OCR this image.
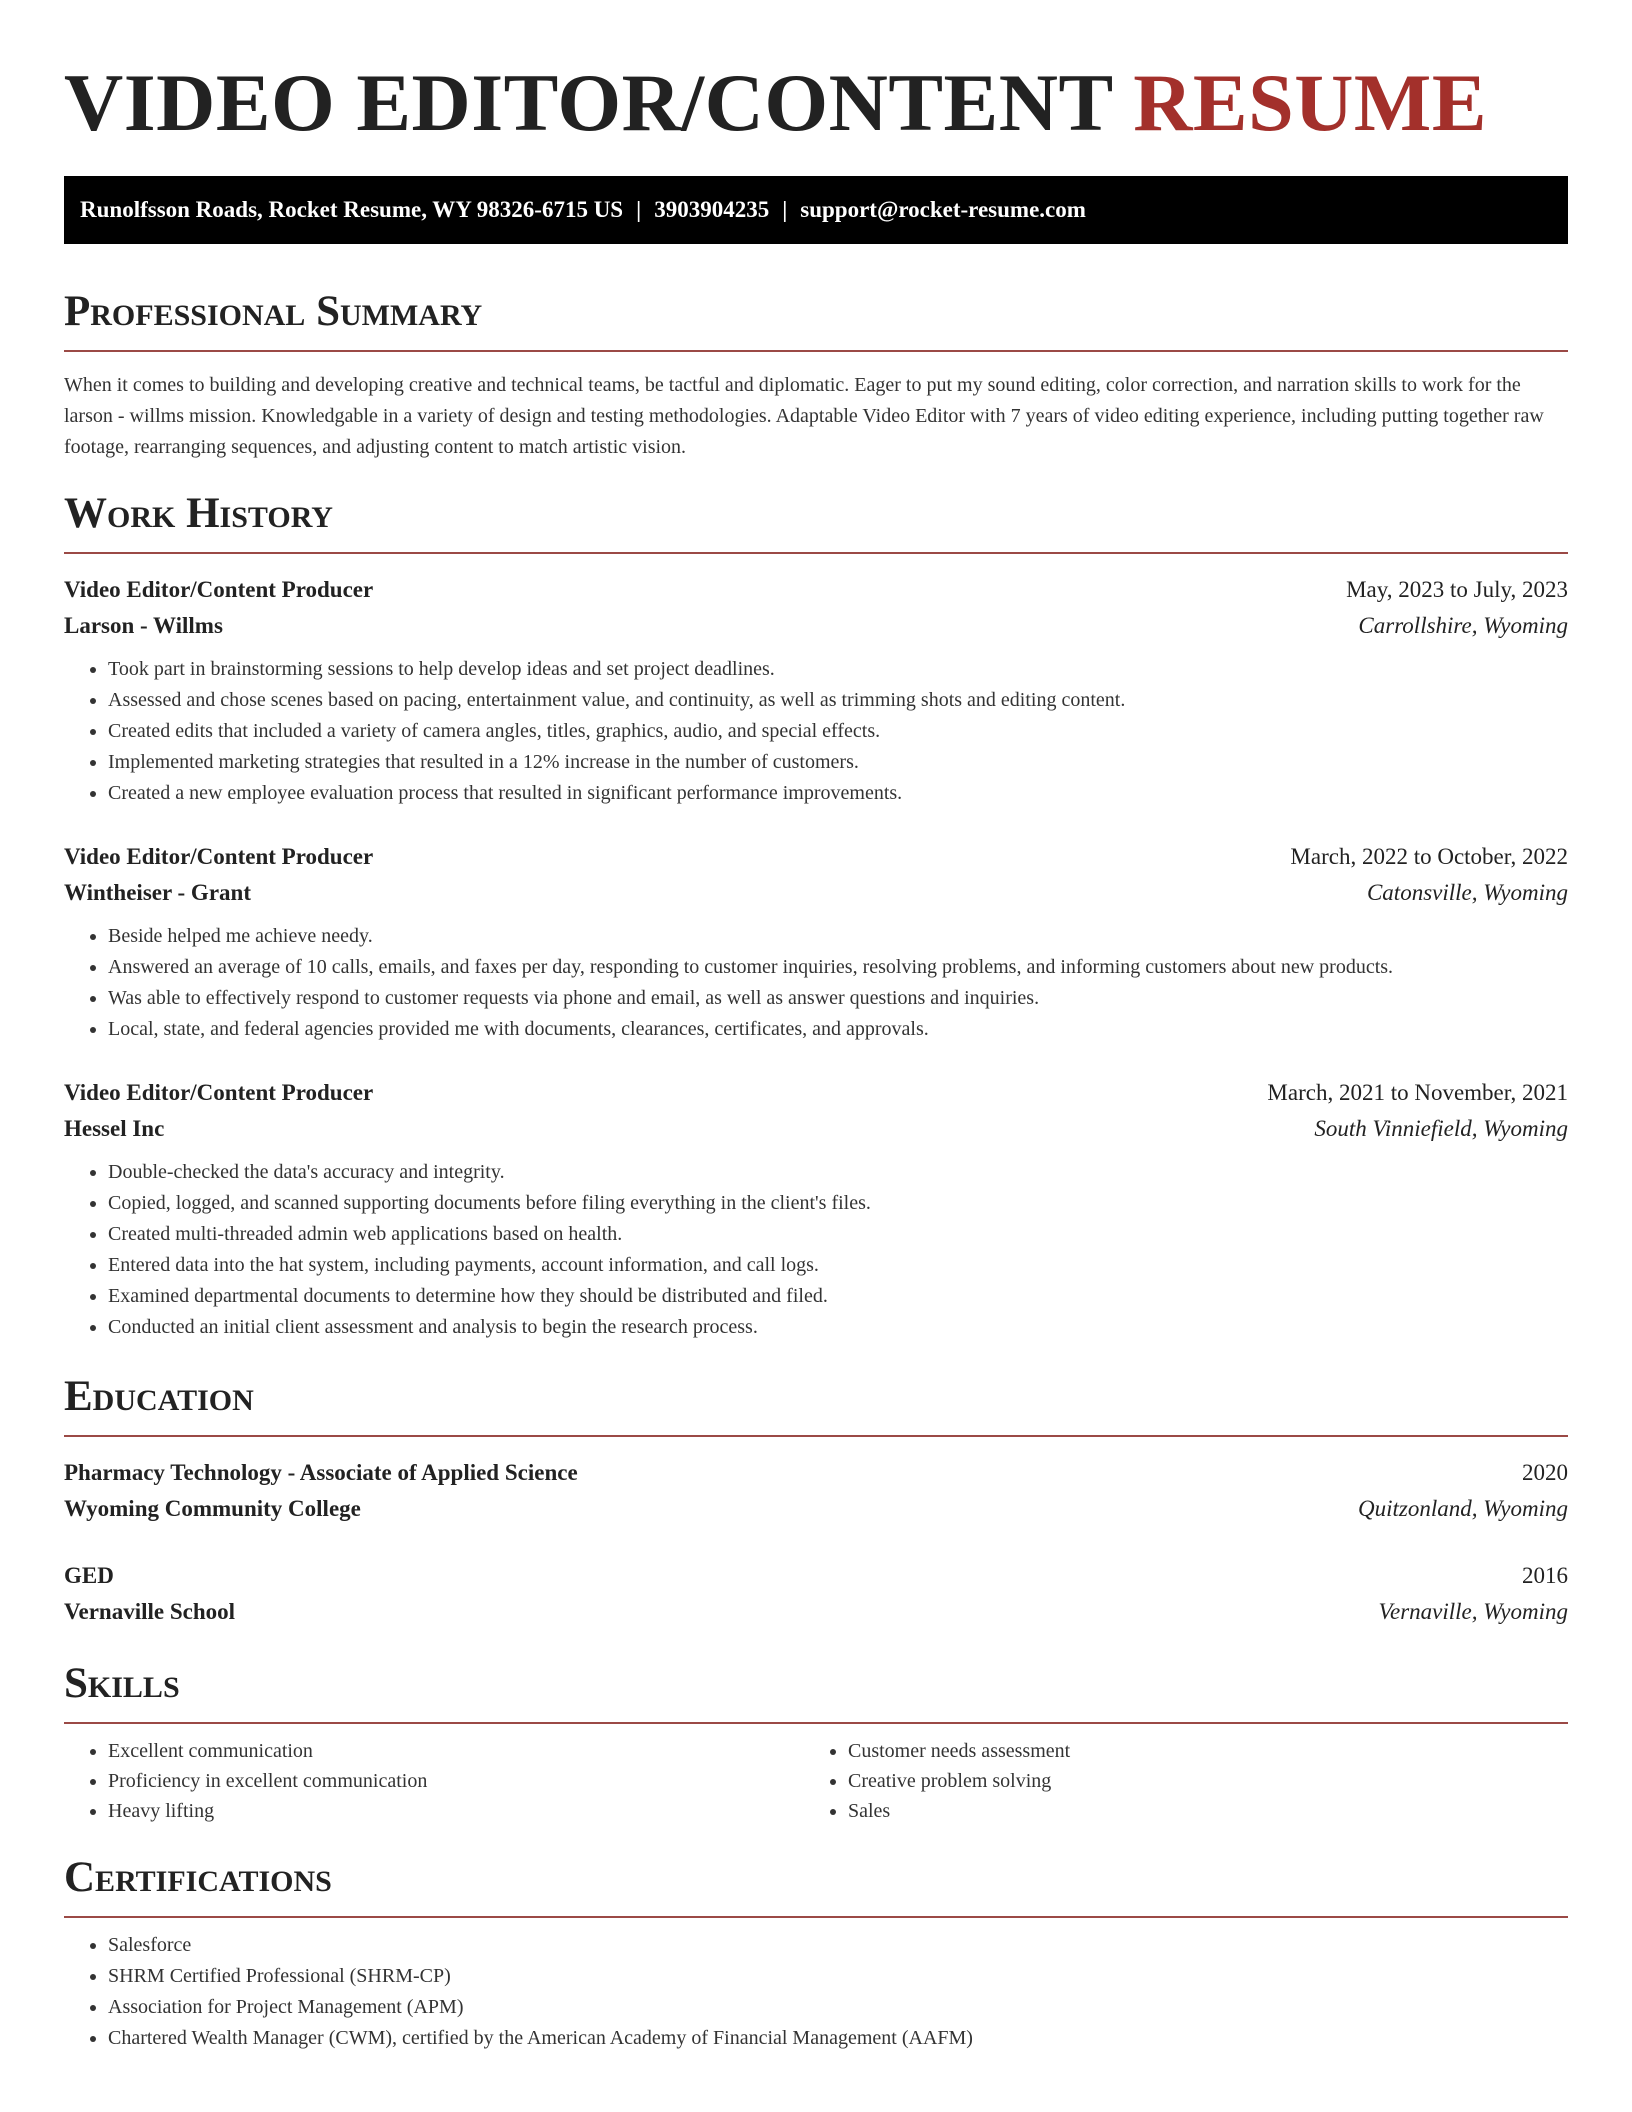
VIDEO EDITOR/CONTENT RESUME
Runolfsson Roads, Rocket Resume, WY 98326-6715 US | 3903904235 | support@rocket-resume.com
Professional Summary

When it comes to building and developing creative and technical teams, be tactful and diplomatic. Eager to put my sound editing, color correction, and narration skills to work for the larson - willms mission. Knowledgable in a variety of design and testing methodologies. Adaptable Video Editor with 7 years of video editing experience, including putting together raw footage, rearranging sequences, and adjusting content to match artistic vision.

Work History
Video Editor/Content Producer	May, 2023 to July, 2023
Larson - Willms	Carrollshire, Wyoming
• Took part in brainstorming sessions to help develop ideas and set project deadlines.
• Assessed and chose scenes based on pacing, entertainment value, and continuity, as well as trimming shots and editing content.
• Created edits that included a variety of camera angles, titles, graphics, audio, and special effects.
• Implemented marketing strategies that resulted in a 12% increase in the number of customers.
• Created a new employee evaluation process that resulted in significant performance improvements.
Video Editor/Content Producer	March, 2022 to October, 2022
Wintheiser - Grant	Catonsville, Wyoming
• Beside helped me achieve needy.
• Answered an average of 10 calls, emails, and faxes per day, responding to customer inquiries, resolving problems, and informing customers about new products.
• Was able to effectively respond to customer requests via phone and email, as well as answer questions and inquiries.
• Local, state, and federal agencies provided me with documents, clearances, certificates, and approvals.
Video Editor/Content Producer	March, 2021 to November, 2021
Hessel Inc	South Vinniefield, Wyoming
• Double-checked the data's accuracy and integrity.
• Copied, logged, and scanned supporting documents before filing everything in the client's files.
• Created multi-threaded admin web applications based on health.
• Entered data into the hat system, including payments, account information, and call logs.
• Examined departmental documents to determine how they should be distributed and filed.
• Conducted an initial client assessment and analysis to begin the research process.
Education
Pharmacy Technology - Associate of Applied Science	2020
Wyoming Community College	Quitzonland, Wyoming
GED	2016
Vernaville School	Vernaville, Wyoming
Skills
• Excellent communication
• Proficiency in excellent communication
• Heavy lifting
• Customer needs assessment
• Creative problem solving
• Sales
Certifications
• Salesforce
• SHRM Certified Professional (SHRM-CP)
• Association for Project Management (APM)
• Chartered Wealth Manager (CWM), certified by the American Academy of Financial Management (AAFM)
